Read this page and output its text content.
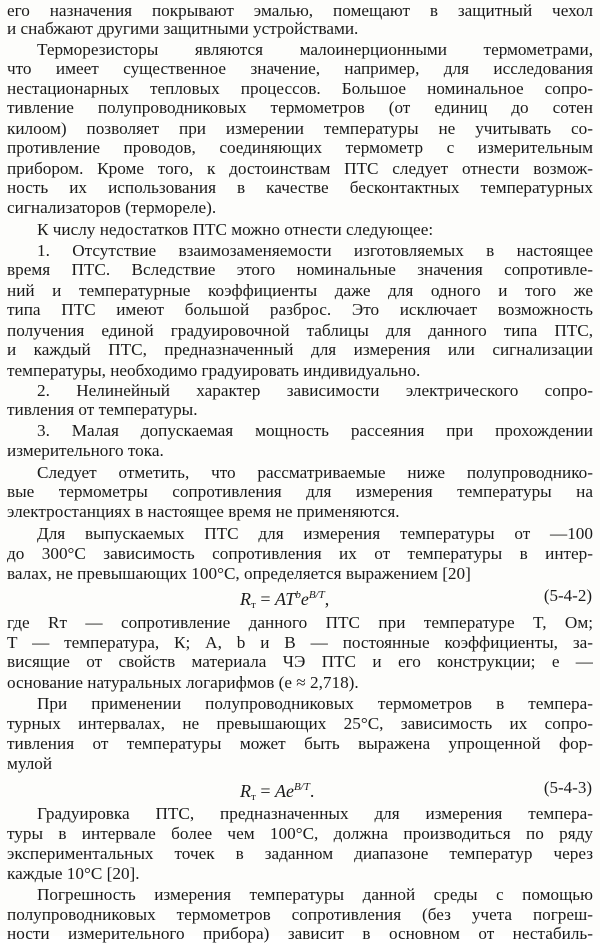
его назначения покрывают эмалью, помещают в защитный чехол
и снабжают другими защитными устройствами.
Терморезисторы являются малоинерционными термометрами,
что имеет существенное значение, например, для исследования
нестационарных тепловых процессов. Большое номинальное сопро-
тивление полупроводниковых термометров (от единиц до сотен
килоом) позволяет при измерении температуры не учитывать со-
противление проводов, соединяющих термометр с измерительным
прибором. Кроме того, к достоинствам ПТС следует отнести возмож-
ность их использования в качестве бесконтактных температурных
сигнализаторов (термореле).
К числу недостатков ПТС можно отнести следующее:
1. Отсутствие взаимозаменяемости изготовляемых в настоящее
время ПТС. Вследствие этого номинальные значения сопротивле-
ний и температурные коэффициенты даже для одного и того же
типа ПТС имеют большой разброс. Это исключает возможность
получения единой градуировочной таблицы для данного типа ПТС,
и каждый ПТС, предназначенный для измерения или сигнализации
температуры, необходимо градуировать индивидуально.
2. Нелинейный характер зависимости электрического сопро-
тивления от температуры.
3. Малая допускаемая мощность рассеяния при прохождении
измерительного тока.
Следует отметить, что рассматриваемые ниже полупроводнико-
вые термометры сопротивления для измерения температуры на
электростанциях в настоящее время не применяются.
Для выпускаемых ПТС для измерения температуры от —100
до 300°С зависимость сопротивления их от температуры в интер-
валах, не превышающих 100°С, определяется выражением [20]
где Rт — сопротивление данного ПТС при температуре T, Ом;
T — температура, К; A, b и B — постоянные коэффициенты, за-
висящие от свойств материала ЧЭ ПТС и его конструкции; e —
основание натуральных логарифмов (e ≈ 2,718).
При применении полупроводниковых термометров в темпера-
турных интервалах, не превышающих 25°С, зависимость их сопро-
тивления от температуры может быть выражена упрощенной фор-
мулой
Градуировка ПТС, предназначенных для измерения темпера-
туры в интервале более чем 100°С, должна производиться по ряду
экспериментальных точек в заданном диапазоне температур через
каждые 10°С [20].
Погрешность измерения температуры данной среды с помощью
полупроводниковых термометров сопротивления (без учета погреш-
ности измерительного прибора) зависит в основном от нестабиль-
$R_т = AT^be^{B/T}$,	(5-4-2)
$R_т = Ae^{B/T}$.	(5-4-3)
